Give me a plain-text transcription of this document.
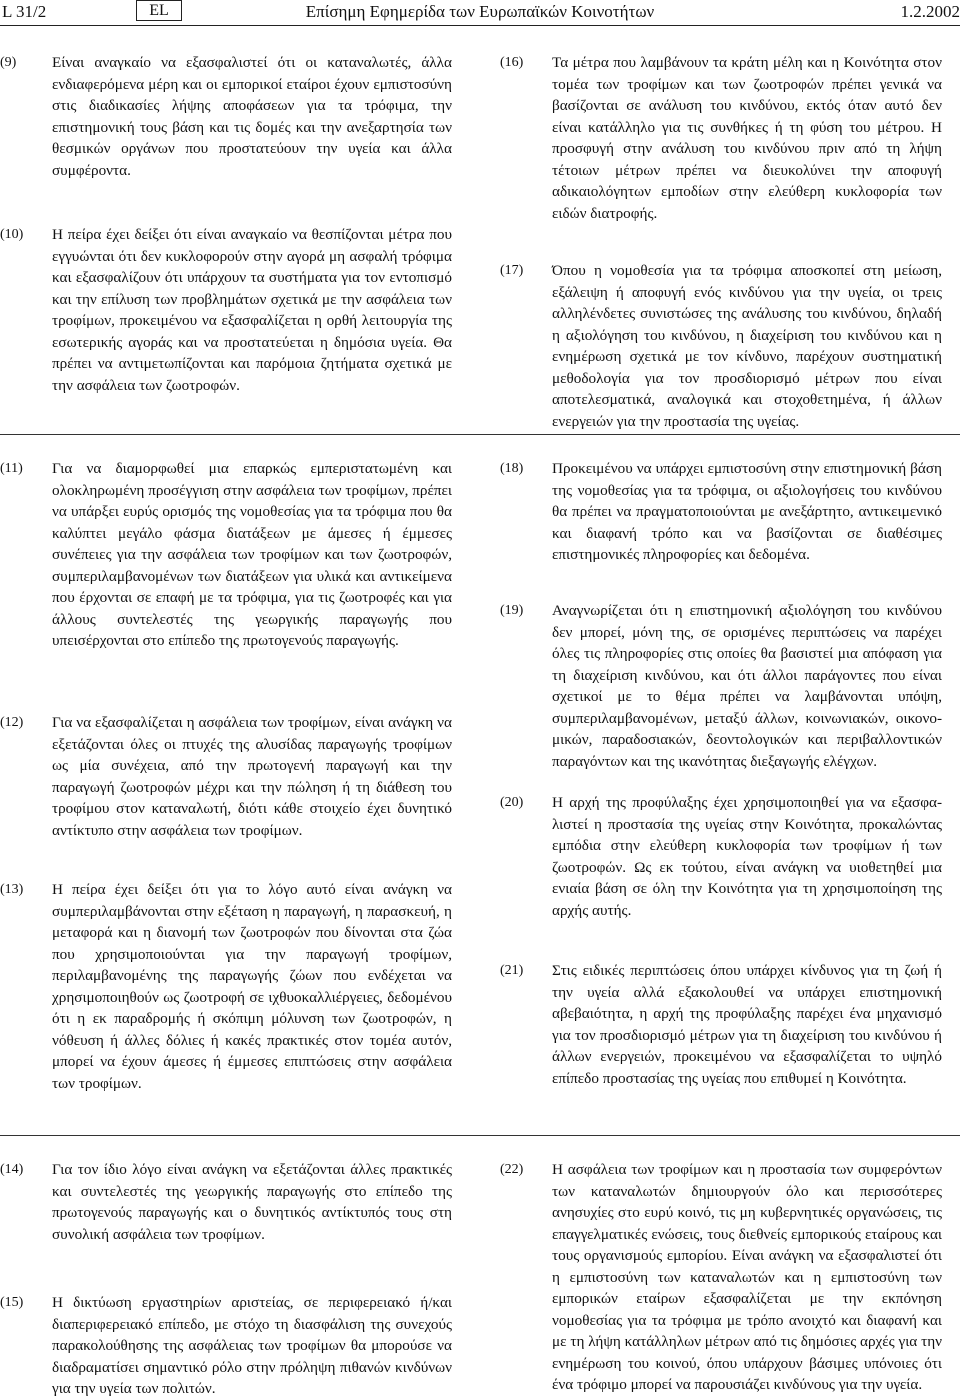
L 31/2	EL	Επίσημη Εφημερίδα των Ευρωπαϊκών Κοινοτήτων	1.2.2002
(9)	Είναι αναγκαίο να εξασφαλιστεί ότι οι καταναλωτές, άλλα ενδιαφερόμενα μέρη και οι εμπορικοί εταίροι έχουν εμπιστοσύνη στις διαδικασίες λήψης αποφάσεων για τα τρόφιμα, την επιστημονική τους βάση και τις δομές και την ανεξαρτησία των θεσμικών οργάνων που προστατεύουν την υγεία και άλλα συμφέροντα.
(10)	Η πείρα έχει δείξει ότι είναι αναγκαίο να θεσπίζονται μέτρα που εγγυώνται ότι δεν κυκλοφορούν στην αγορά μη ασφαλή τρόφιμα και εξασφαλίζουν ότι υπάρχουν τα συστήματα για τον εντοπισμό και την επίλυση των προβλημάτων σχετικά με την ασφάλεια των τροφίμων, προκειμένου να εξασφαλίζεται η ορθή λειτουργία της εσωτερικής αγοράς και να προστατεύεται η δημόσια υγεία. Θα πρέπει να αντιμετωπίζονται και παρόμοια ζητήματα σχετικά με την ασφάλεια των ζωοτροφών.
(16)	Τα μέτρα που λαμβάνουν τα κράτη μέλη και η Κοινότητα στον τομέα των τροφίμων και των ζωοτροφών πρέπει γενικά να βασίζονται σε ανάλυση του κινδύνου, εκτός όταν αυτό δεν είναι κατάλληλο για τις συνθήκες ή τη φύση του μέτρου. Η προσφυγή στην ανάλυση του κινδύνου πριν από τη λήψη τέτοιων μέτρων πρέπει να διευκολύνει την αποφυγή αδικαιολόγητων εμποδίων στην ελεύθερη κυκλοφορία των ειδών διατροφής.
(17)	Όπου η νομοθεσία για τα τρόφιμα αποσκοπεί στη μείωση, εξάλειψη ή αποφυγή ενός κινδύνου για την υγεία, οι τρεις αλληλένδετες συνιστώσες της ανάλυσης του κινδύνου, δηλαδή η αξιολόγηση του κινδύνου, η διαχείριση του κινδύνου και η ενημέρωση σχετικά με τον κίνδυνο, παρέχουν συστηματική μεθοδολογία για τον προσδιορισμό μέτρων που είναι αποτελεσματικά, αναλογικά και στοχοθετημένα, ή άλλων ενεργειών για την προστασία της υγείας.
(11)	Για να διαμορφωθεί μια επαρκώς εμπεριστατωμένη και ολοκληρωμένη προσέγγιση στην ασφάλεια των τροφίμων, πρέπει να υπάρξει ευρύς ορισμός της νομοθεσίας για τα τρόφιμα που θα καλύπτει μεγάλο φάσμα διατάξεων με άμεσες ή έμμεσες συνέπειες για την ασφάλεια των τροφίμων και των ζωοτροφών, συμπεριλαμβανομένων των διατάξεων για υλικά και αντικείμενα που έρχονται σε επαφή με τα τρόφιμα, για τις ζωοτροφές και για άλλους συντελεστές της γεωργικής παραγωγής που υπεισέρχονται στο επίπεδο της πρωτογενούς παραγωγής.
(12)	Για να εξασφαλίζεται η ασφάλεια των τροφίμων, είναι ανάγκη να εξετάζονται όλες οι πτυχές της αλυσίδας παραγωγής τροφίμων ως μία συνέχεια, από την πρωτογενή παραγωγή και την παραγωγή ζωοτροφών μέχρι και την πώληση ή τη διάθεση του τροφίμου στον καταναλωτή, διότι κάθε στοιχείο έχει δυνητικό αντίκτυπο στην ασφάλεια των τροφίμων.
(13)	Η πείρα έχει δείξει ότι για το λόγο αυτό είναι ανάγκη να συμπεριλαμβάνονται στην εξέταση η παραγωγή, η παρασκευή, η μεταφορά και η διανομή των ζωοτροφών που δίνονται στα ζώα που χρησιμοποιούνται για την παραγωγή τροφίμων, περιλαμβανομένης της παραγωγής ζώων που ενδέχεται να χρησιμοποιηθούν ως ζωοτροφή σε ιχθυοκαλλιέργειες, δεδομένου ότι η εκ παραδρομής ή σκόπιμη μόλυνση των ζωοτροφών, η νόθευση ή άλλες δόλιες ή κακές πρακτικές στον τομέα αυτόν, μπορεί να έχουν άμεσες ή έμμεσες επιπτώσεις στην ασφάλεια των τροφίμων.
(18)	Προκειμένου να υπάρχει εμπιστοσύνη στην επιστημονική βάση της νομοθεσίας για τα τρόφιμα, οι αξιολογήσεις του κινδύνου θα πρέπει να πραγματοποιούνται με ανεξάρτητο, αντικειμενικό και διαφανή τρόπο και να βασίζονται σε διαθέσιμες επιστημονικές πληροφορίες και δεδομένα.
(19)	Αναγνωρίζεται ότι η επιστημονική αξιολόγηση του κινδύνου δεν μπορεί, μόνη της, σε ορισμένες περιπτώσεις να παρέχει όλες τις πληροφορίες στις οποίες θα βασιστεί μια απόφαση για τη διαχείριση κινδύνου, και ότι άλλοι παράγοντες που είναι σχετικοί με το θέμα πρέπει να λαμβάνονται υπόψη, συμπεριλαμβανομένων, μεταξύ άλλων, κοινωνιακών, οικονομικών, παραδοσιακών, δεοντολογικών και περιβαλλοντικών παραγόντων και της ικανότητας διεξαγωγής ελέγχων.
(20)	Η αρχή της προφύλαξης έχει χρησιμοποιηθεί για να εξασφαλιστεί η προστασία της υγείας στην Κοινότητα, προκαλώντας εμπόδια στην ελεύθερη κυκλοφορία των τροφίμων ή των ζωοτροφών. Ως εκ τούτου, είναι ανάγκη να υιοθετηθεί μια ενιαία βάση σε όλη την Κοινότητα για τη χρησιμοποίηση της αρχής αυτής.
(21)	Στις ειδικές περιπτώσεις όπου υπάρχει κίνδυνος για τη ζωή ή την υγεία αλλά εξακολουθεί να υπάρχει επιστημονική αβεβαιότητα, η αρχή της προφύλαξης παρέχει ένα μηχανισμό για τον προσδιορισμό μέτρων για τη διαχείριση του κινδύνου ή άλλων ενεργειών, προκειμένου να εξασφαλίζεται το υψηλό επίπεδο προστασίας της υγείας που επιθυμεί η Κοινότητα.
(14)	Για τον ίδιο λόγο είναι ανάγκη να εξετάζονται άλλες πρακτικές και συντελεστές της γεωργικής παραγωγής στο επίπεδο της πρωτογενούς παραγωγής και ο δυνητικός αντίκτυπός τους στη συνολική ασφάλεια των τροφίμων.
(15)	Η δικτύωση εργαστηρίων αριστείας, σε περιφερειακό ή/και διαπεριφερειακό επίπεδο, με στόχο τη διασφάλιση της συνεχούς παρακολούθησης της ασφάλειας των τροφίμων θα μπορούσε να διαδραματίσει σημαντικό ρόλο στην πρόληψη πιθανών κινδύνων για την υγεία των πολιτών.
(22)	Η ασφάλεια των τροφίμων και η προστασία των συμφερόντων των καταναλωτών δημιουργούν όλο και περισσότερες ανησυχίες στο ευρύ κοινό, τις μη κυβερνητικές οργανώσεις, τις επαγγελματικές ενώσεις, τους διεθνείς εμπορικούς εταίρους και τους οργανισμούς εμπορίου. Είναι ανάγκη να εξασφαλιστεί ότι η εμπιστοσύνη των καταναλωτών και η εμπιστοσύνη των εμπορικών εταίρων εξασφαλίζεται με την εκπόνηση νομοθεσίας για τα τρόφιμα με τρόπο ανοιχτό και διαφανή και με τη λήψη κατάλληλων μέτρων από τις δημόσιες αρχές για την ενημέρωση του κοινού, όπου υπάρχουν βάσιμες υπόνοιες ότι ένα τρόφιμο μπορεί να παρουσιάζει κινδύνους για την υγεία.
